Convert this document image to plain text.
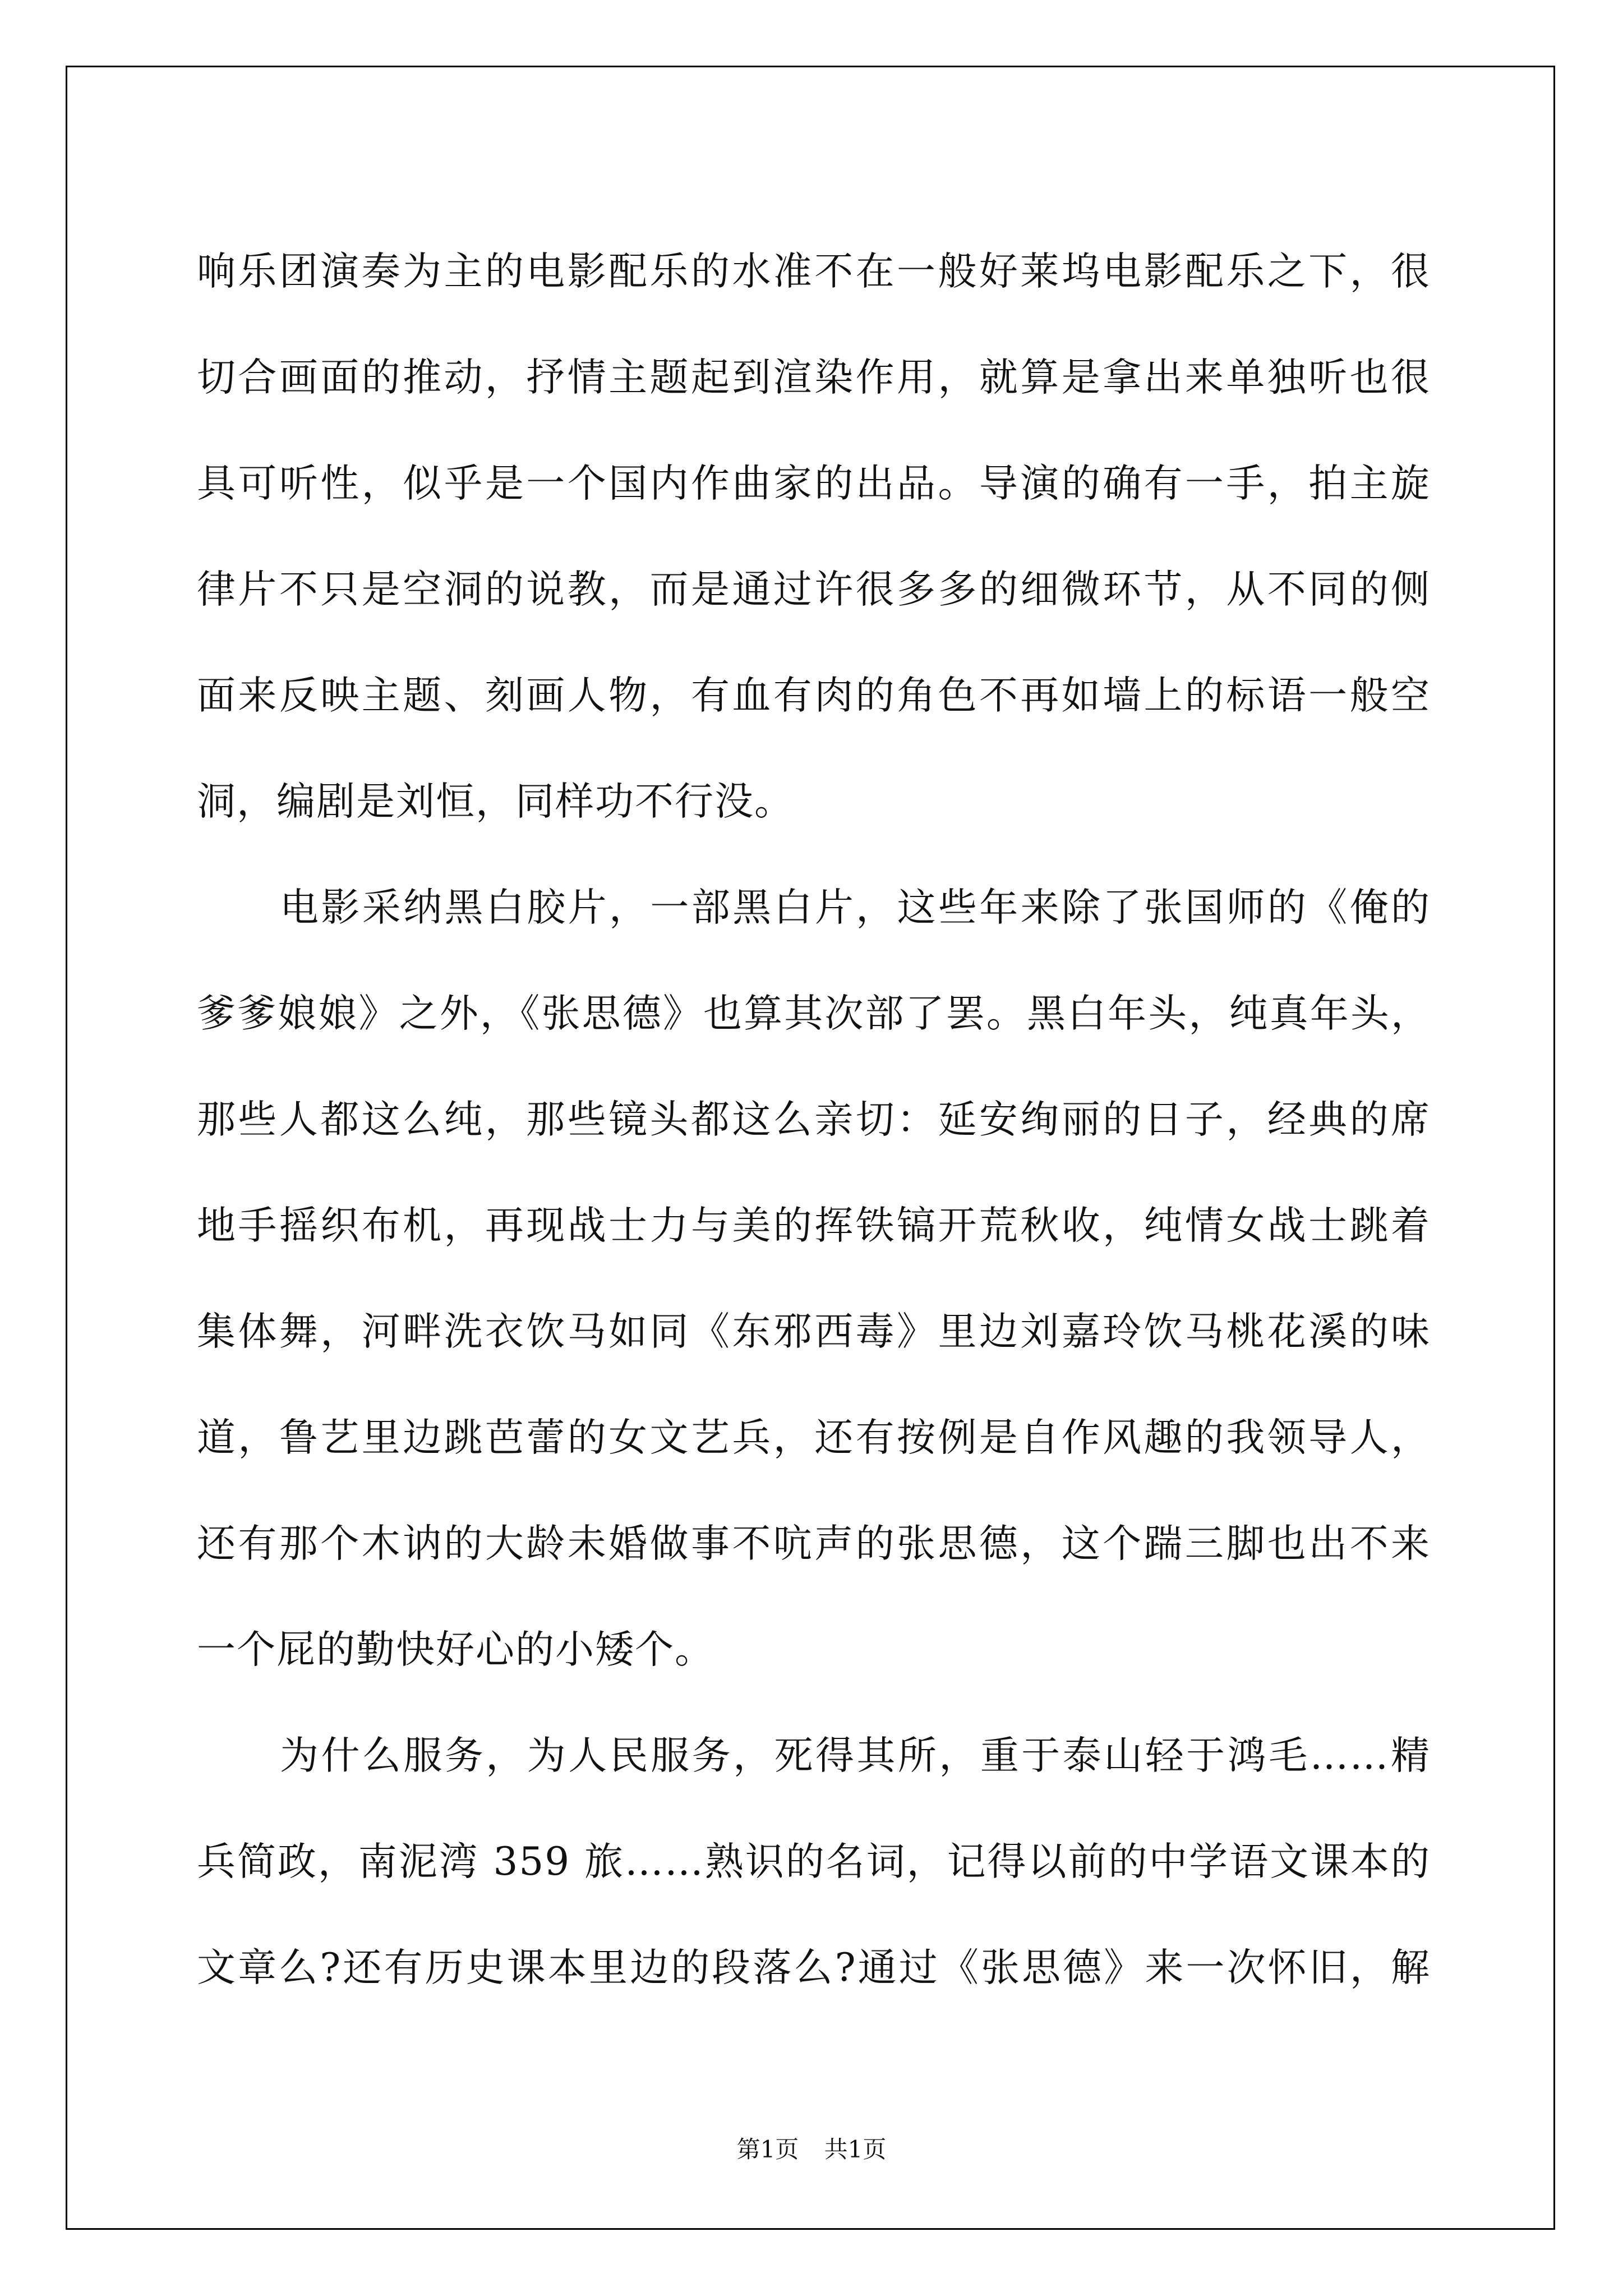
响乐团演奏为主的电影配乐的水准不在一般好莱坞电影配乐之下，很
切合画面的推动，抒情主题起到渲染作用，就算是拿出来单独听也很
具可听性，似乎是一个国内作曲家的出品。导演的确有一手，拍主旋
律片不只是空洞的说教，而是通过许很多多的细微环节，从不同的侧
面来反映主题、刻画人物，有血有肉的角色不再如墙上的标语一般空
洞，编剧是刘恒，同样功不行没。
电影采纳黑白胶片，一部黑白片，这些年来除了张国师的《俺的
爹爹娘娘》之外，《张思德》也算其次部了罢。黑白年头，纯真年头，
那些人都这么纯，那些镜头都这么亲切：延安绚丽的日子，经典的席
地手摇织布机，再现战士力与美的挥铁镐开荒秋收，纯情女战士跳着
集体舞，河畔洗衣饮马如同《东邪西毒》里边刘嘉玲饮马桃花溪的味
道，鲁艺里边跳芭蕾的女文艺兵，还有按例是自作风趣的我领导人，
还有那个木讷的大龄未婚做事不吭声的张思德，这个踹三脚也出不来
一个屁的勤快好心的小矮个。
为什么服务，为人民服务，死得其所，重于泰山轻于鸿毛……精
兵简政，南泥湾 359 旅……熟识的名词，记得以前的中学语文课本的
文章么?还有历史课本里边的段落么?通过《张思德》来一次怀旧，解
第1页 共1页
